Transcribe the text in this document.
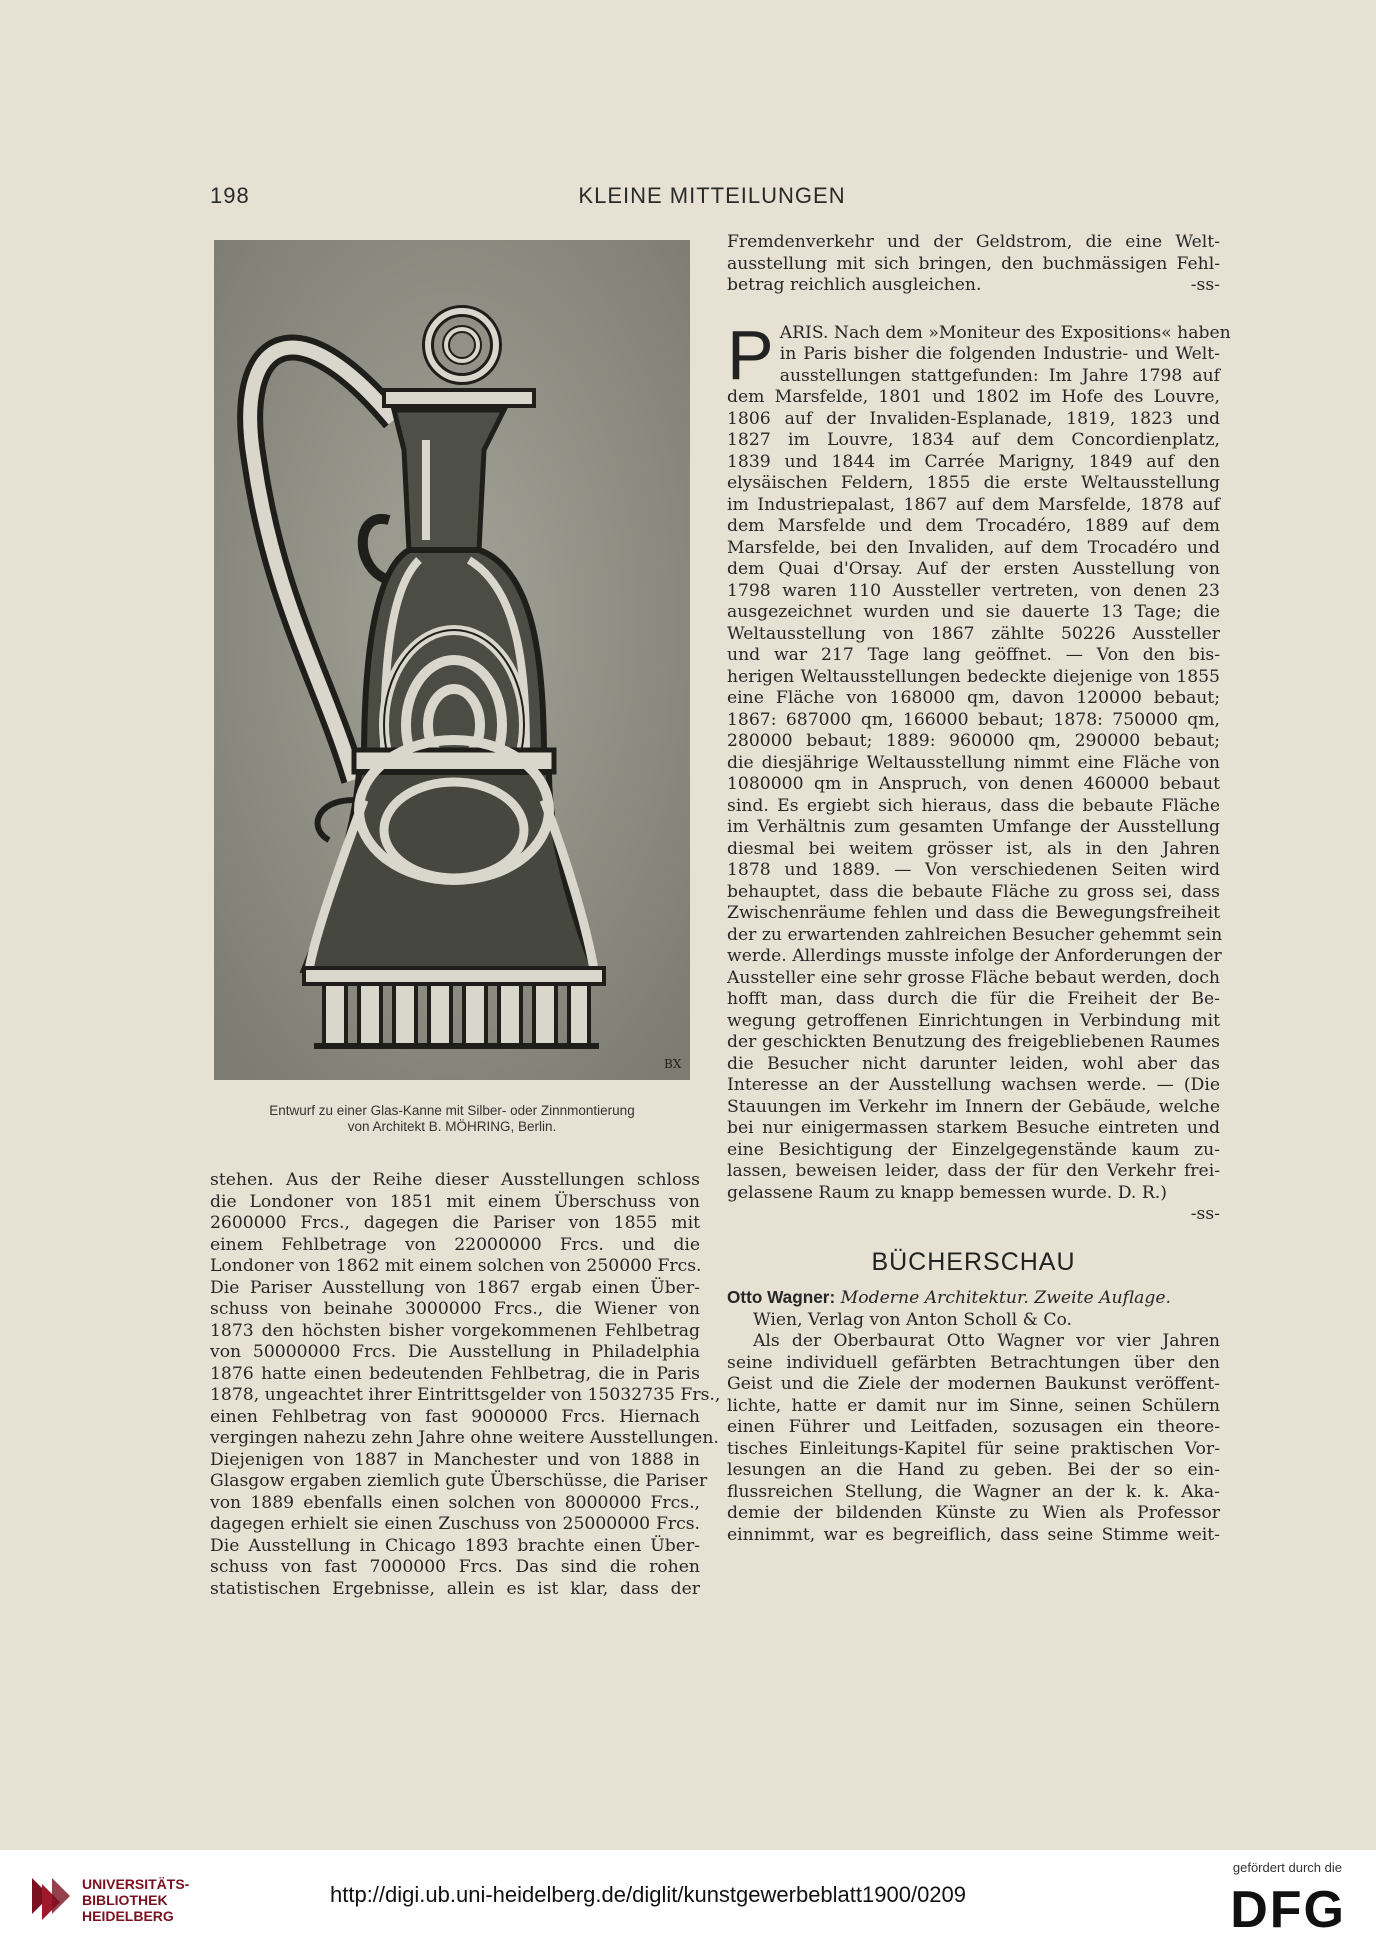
198	KLEINE MITTEILUNGEN
BX
Entwurf zu einer Glas-Kanne mit Silber- oder Zinnmontierung
von Architekt B. MÖHRING, Berlin.
stehen. Aus der Reihe dieser Ausstellungen schloss
die Londoner von 1851 mit einem Überschuss von
2600000 Frcs., dagegen die Pariser von 1855 mit
einem Fehlbetrage von 22000000 Frcs. und die
Londoner von 1862 mit einem solchen von 250000 Frcs.
Die Pariser Ausstellung von 1867 ergab einen Über-
schuss von beinahe 3000000 Frcs., die Wiener von
1873 den höchsten bisher vorgekommenen Fehlbetrag
von 50000000 Frcs. Die Ausstellung in Philadelphia
1876 hatte einen bedeutenden Fehlbetrag, die in Paris
1878, ungeachtet ihrer Eintrittsgelder von 15032735 Frs.,
einen Fehlbetrag von fast 9000000 Frcs. Hiernach
vergingen nahezu zehn Jahre ohne weitere Ausstellungen.
Diejenigen von 1887 in Manchester und von 1888 in
Glasgow ergaben ziemlich gute Überschüsse, die Pariser
von 1889 ebenfalls einen solchen von 8000000 Frcs.,
dagegen erhielt sie einen Zuschuss von 25000000 Frcs.
Die Ausstellung in Chicago 1893 brachte einen Über-
schuss von fast 7000000 Frcs. Das sind die rohen
statistischen Ergebnisse, allein es ist klar, dass der
Fremdenverkehr und der Geldstrom, die eine Welt-
ausstellung mit sich bringen, den buchmässigen Fehl-
betrag reichlich ausgleichen.	-ss-
P ARIS. Nach dem »Moniteur des Expositions« haben
in Paris bisher die folgenden Industrie- und Welt-
ausstellungen stattgefunden: Im Jahre 1798 auf
dem Marsfelde, 1801 und 1802 im Hofe des Louvre,
1806 auf der Invaliden-Esplanade, 1819, 1823 und
1827 im Louvre, 1834 auf dem Concordienplatz,
1839 und 1844 im Carrée Marigny, 1849 auf den
elysäischen Feldern, 1855 die erste Weltausstellung
im Industriepalast, 1867 auf dem Marsfelde, 1878 auf
dem Marsfelde und dem Trocadéro, 1889 auf dem
Marsfelde, bei den Invaliden, auf dem Trocadéro und
dem Quai d'Orsay. Auf der ersten Ausstellung von
1798 waren 110 Aussteller vertreten, von denen 23
ausgezeichnet wurden und sie dauerte 13 Tage; die
Weltausstellung von 1867 zählte 50226 Aussteller
und war 217 Tage lang geöffnet. — Von den bis-
herigen Weltausstellungen bedeckte diejenige von 1855
eine Fläche von 168000 qm, davon 120000 bebaut;
1867: 687000 qm, 166000 bebaut; 1878: 750000 qm,
280000 bebaut; 1889: 960000 qm, 290000 bebaut;
die diesjährige Weltausstellung nimmt eine Fläche von
1080000 qm in Anspruch, von denen 460000 bebaut
sind. Es ergiebt sich hieraus, dass die bebaute Fläche
im Verhältnis zum gesamten Umfange der Ausstellung
diesmal bei weitem grösser ist, als in den Jahren
1878 und 1889. — Von verschiedenen Seiten wird
behauptet, dass die bebaute Fläche zu gross sei, dass
Zwischenräume fehlen und dass die Bewegungsfreiheit
der zu erwartenden zahlreichen Besucher gehemmt sein
werde. Allerdings musste infolge der Anforderungen der
Aussteller eine sehr grosse Fläche bebaut werden, doch
hofft man, dass durch die für die Freiheit der Be-
wegung getroffenen Einrichtungen in Verbindung mit
der geschickten Benutzung des freigebliebenen Raumes
die Besucher nicht darunter leiden, wohl aber das
Interesse an der Ausstellung wachsen werde. — (Die
Stauungen im Verkehr im Innern der Gebäude, welche
bei nur einigermassen starkem Besuche eintreten und
eine Besichtigung der Einzelgegenstände kaum zu-
lassen, beweisen leider, dass der für den Verkehr frei-
gelassene Raum zu knapp bemessen wurde. D. R.)
-ss-
BÜCHERSCHAU
Otto Wagner: Moderne Architektur. Zweite Auflage.
Wien, Verlag von Anton Scholl & Co.
Als der Oberbaurat Otto Wagner vor vier Jahren
seine individuell gefärbten Betrachtungen über den
Geist und die Ziele der modernen Baukunst veröffent-
lichte, hatte er damit nur im Sinne, seinen Schülern
einen Führer und Leitfaden, sozusagen ein theore-
tisches Einleitungs-Kapitel für seine praktischen Vor-
lesungen an die Hand zu geben. Bei der so ein-
flussreichen Stellung, die Wagner an der k. k. Aka-
demie der bildenden Künste zu Wien als Professor
einnimmt, war es begreiflich, dass seine Stimme weit-
UNIVERSITÄTS-
BIBLIOTHEK
HEIDELBERG
http://digi.ub.uni-heidelberg.de/diglit/kunstgewerbeblatt1900/0209
gefördert durch die
DFG
